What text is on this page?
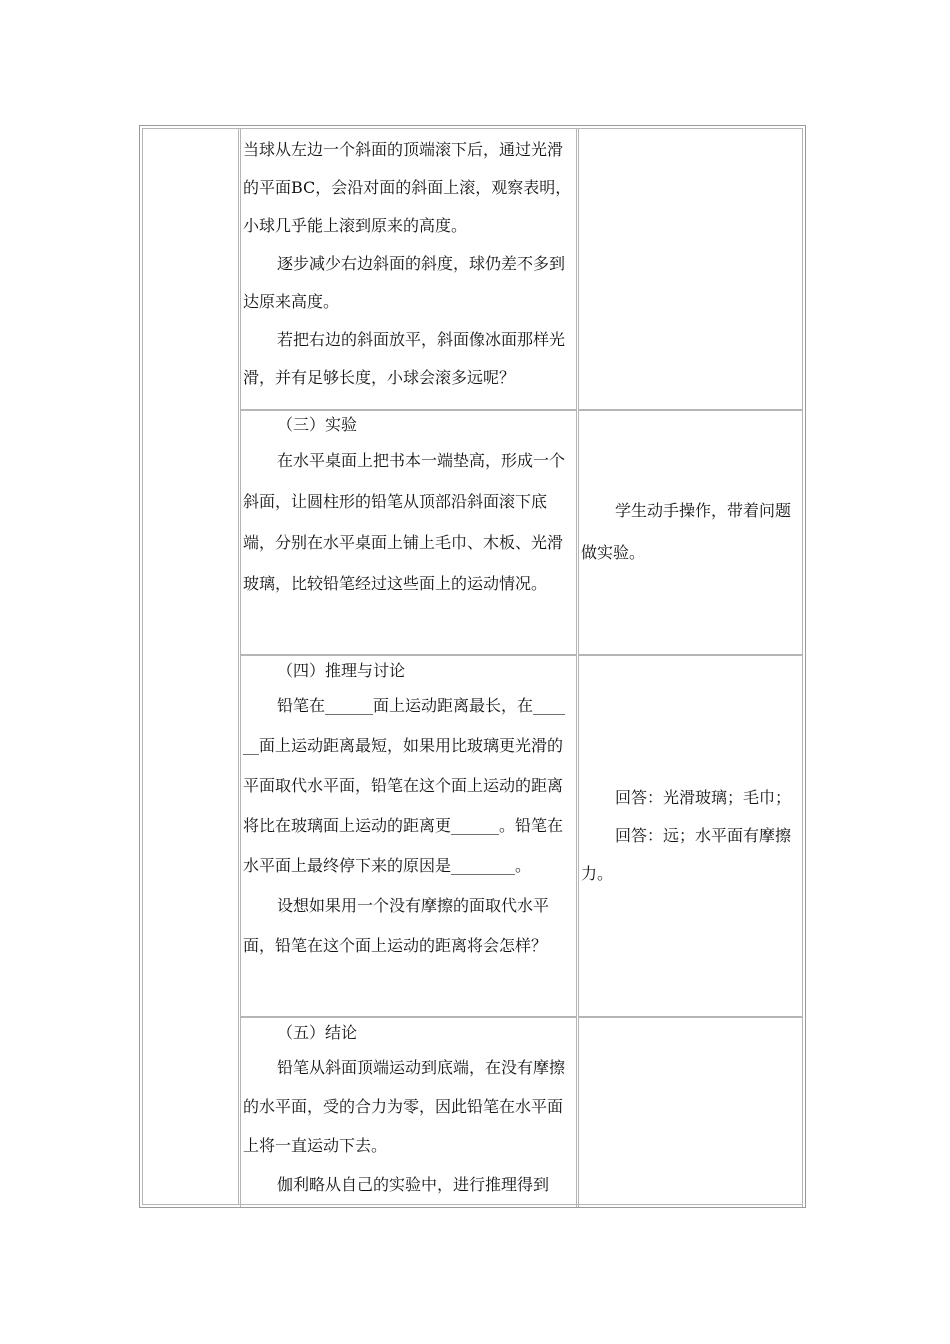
当球从左边一个斜面的顶端滚下后，通过光滑的平面BC，会沿对面的斜面上滚，观察表明，小球几乎能上滚到原来的高度。

逐步减少右边斜面的斜度，球仍差不多到达原来高度。

若把右边的斜面放平，斜面像冰面那样光滑，并有足够长度，小球会滚多远呢？

（三）实验

在水平桌面上把书本一端垫高，形成一个斜面，让圆柱形的铅笔从顶部沿斜面滚下底端，分别在水平桌面上铺上毛巾、木板、光滑玻璃，比较铅笔经过这些面上的运动情况。

学生动手操作，带着问题做实验。

（四）推理与讨论

铅笔在______面上运动距离最长，在______面上运动距离最短，如果用比玻璃更光滑的平面取代水平面，铅笔在这个面上运动的距离将比在玻璃面上运动的距离更______。铅笔在水平面上最终停下来的原因是________。

设想如果用一个没有摩擦的面取代水平面，铅笔在这个面上运动的距离将会怎样？

回答：光滑玻璃；毛巾；

回答：远；水平面有摩擦力。

（五）结论

铅笔从斜面顶端运动到底端，在没有摩擦的水平面，受的合力为零，因此铅笔在水平面上将一直运动下去。

伽利略从自己的实验中，进行推理得到
